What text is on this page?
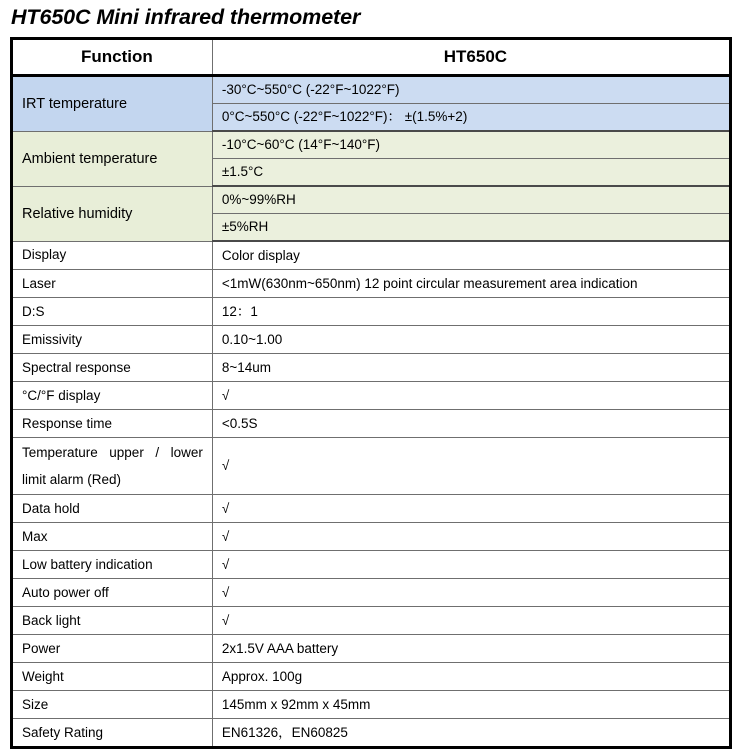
HT650C Mini infrared thermometer
Function	HT650C
IRT temperature	-30°C~550°C (-22°F~1022°F)
	0°C~550°C (-22°F~1022°F)： ±(1.5%+2)
Ambient temperature	-10°C~60°C (14°F~140°F)
	±1.5°C
Relative humidity	0%~99%RH
	±5%RH
Display	Color display
Laser	<1mW(630nm~650nm) 12 point circular measurement area indication
D:S	12：1
Emissivity	0.10~1.00
Spectral response	8~14um
°C/°F display	√
Response time	<0.5S

Temperature upper / lower
limit alarm (Red)	√
Data hold	√
Max	√
Low battery indication	√
Auto power off	√
Back light	√
Power	2x1.5V AAA battery
Weight	Approx. 100g
Size	145mm x 92mm x 45mm
Safety Rating	EN61326，EN60825
